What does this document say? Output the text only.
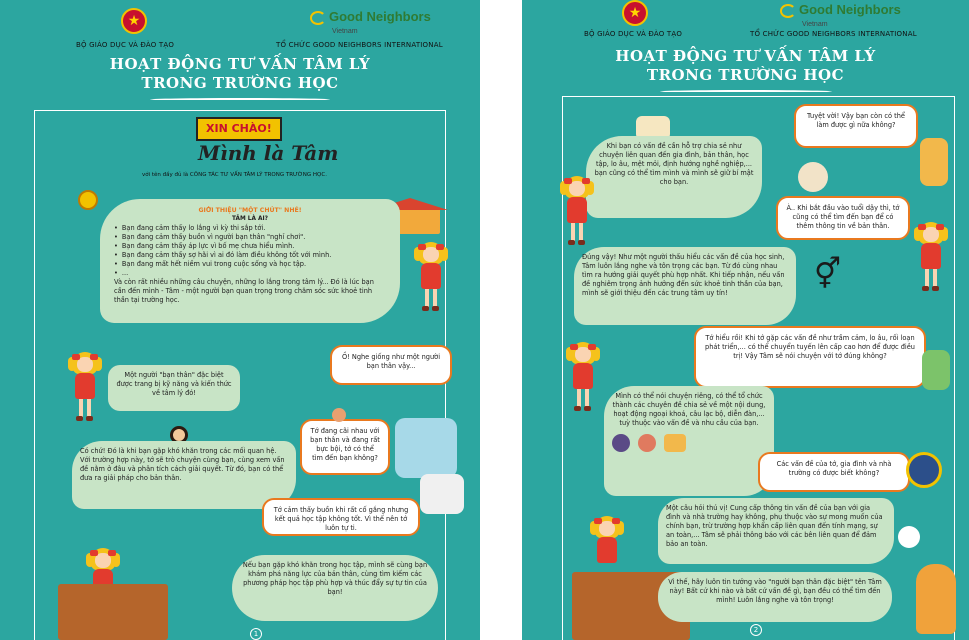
★
Good Neighbors
Vietnam
BỘ GIÁO DỤC VÀ ĐÀO TẠO	TỔ CHỨC GOOD NEIGHBORS INTERNATIONAL
HOẠT ĐỘNG TƯ VẤN TÂM LÝ
TRONG TRƯỜNG HỌC
XIN CHÀO!
Mình là Tâm
với tên đầy đủ là CÔNG TÁC TƯ VẤN TÂM LÝ TRONG TRƯỜNG HỌC.
GIỚI THIỆU "MỘT CHÚT" NHÉ!
TÂM LÀ AI?
• Bạn đang cảm thấy lo lắng vì kỳ thi sắp tới.
• Bạn đang cảm thấy buồn vì người bạn thân "nghỉ chơi".
• Bạn đang cảm thấy áp lực vì bố mẹ chưa hiểu mình.
• Bạn đang cảm thấy sợ hãi vì ai đó làm điều không tốt với mình.
• Bạn đang mất hết niềm vui trong cuộc sống và học tập.
• ...
Và còn rất nhiều những câu chuyện, những lo lắng trong tâm lý... Đó là lúc bạn cần đến mình - Tâm - một người bạn quan trọng trong chăm sóc sức khoẻ tinh thần tại trường học.
Một người "bạn thân" đặc biệt được trang bị kỹ năng và kiến thức về tâm lý đó!
Ồ! Nghe giống như một người bạn thân vậy...
Có chứ! Đó là khi bạn gặp khó khăn trong các mối quan hệ. Với trường hợp này, tớ sẽ trò chuyện cùng bạn, cùng xem vấn đề nằm ở đâu và phân tích cách giải quyết. Từ đó, bạn có thể đưa ra giải pháp cho bản thân.
Tớ đang cãi nhau với bạn thân và đang rất bực bội, tớ có thể tìm đến bạn không?
Tớ cảm thấy buồn khi rất cố gắng nhưng kết quả học tập không tốt. Vì thế nên tớ luôn tự ti.
Nếu bạn gặp khó khăn trong học tập, mình sẽ cùng bạn khám phá năng lực của bản thân, cùng tìm kiếm các phương pháp học tập phù hợp và thúc đẩy sự tự tin của bạn!
1
★
Good Neighbors
Vietnam
BỘ GIÁO DỤC VÀ ĐÀO TẠO	TỔ CHỨC GOOD NEIGHBORS INTERNATIONAL
HOẠT ĐỘNG TƯ VẤN TÂM LÝ
TRONG TRƯỜNG HỌC
Tuyệt vời! Vậy bạn còn có thể làm được gì nữa không?
Khi bạn có vấn đề cần hỗ trợ chia sẻ như chuyện liên quan đến gia đình, bản thân, học tập, lo âu, mệt mỏi, định hướng nghề nghiệp,... bạn cũng có thể tìm mình và mình sẽ giữ bí mật cho bạn.
À.. Khi bắt đầu vào tuổi dậy thì, tớ cũng có thể tìm đến bạn để có thêm thông tin về bản thân.
Đúng vậy! Như một người thấu hiểu các vấn đề của học sinh, Tâm luôn lắng nghe và tôn trọng các bạn. Từ đó cùng nhau tìm ra hướng giải quyết phù hợp nhất. Khi tiếp nhận, nếu vấn đề nghiêm trọng ảnh hưởng đến sức khoẻ tinh thần của bạn, mình sẽ giới thiệu đến các trung tâm uy tín!
⚥
Tớ hiểu rồi! Khi tớ gặp các vấn đề như trầm cảm, lo âu, rối loạn phát triển,... có thể chuyển tuyến lên cấp cao hơn để được điều trị! Vậy Tâm sẽ nói chuyện với tớ đúng không?
Mình có thể nói chuyện riêng, có thể tổ chức thành các chuyên đề chia sẻ về một nội dung, hoạt động ngoại khoá, câu lạc bộ, diễn đàn,... tuỳ thuộc vào vấn đề và nhu cầu của bạn.

Các vấn đề của tớ, gia đình và nhà trường có được biết không?
Một câu hỏi thú vị! Cung cấp thông tin vấn đề của bạn với gia đình và nhà trường hay không, phụ thuộc vào sự mong muốn của chính bạn, trừ trường hợp khẩn cấp liên quan đến tính mạng, sự an toàn,... Tâm sẽ phải thông báo với các bên liên quan để đảm bảo an toàn.
Vì thế, hãy luôn tin tưởng vào "người bạn thân đặc biệt" tên Tâm này! Bất cứ khi nào và bất cứ vấn đề gì, bạn đều có thể tìm đến mình! Luôn lắng nghe và tôn trọng!
2
